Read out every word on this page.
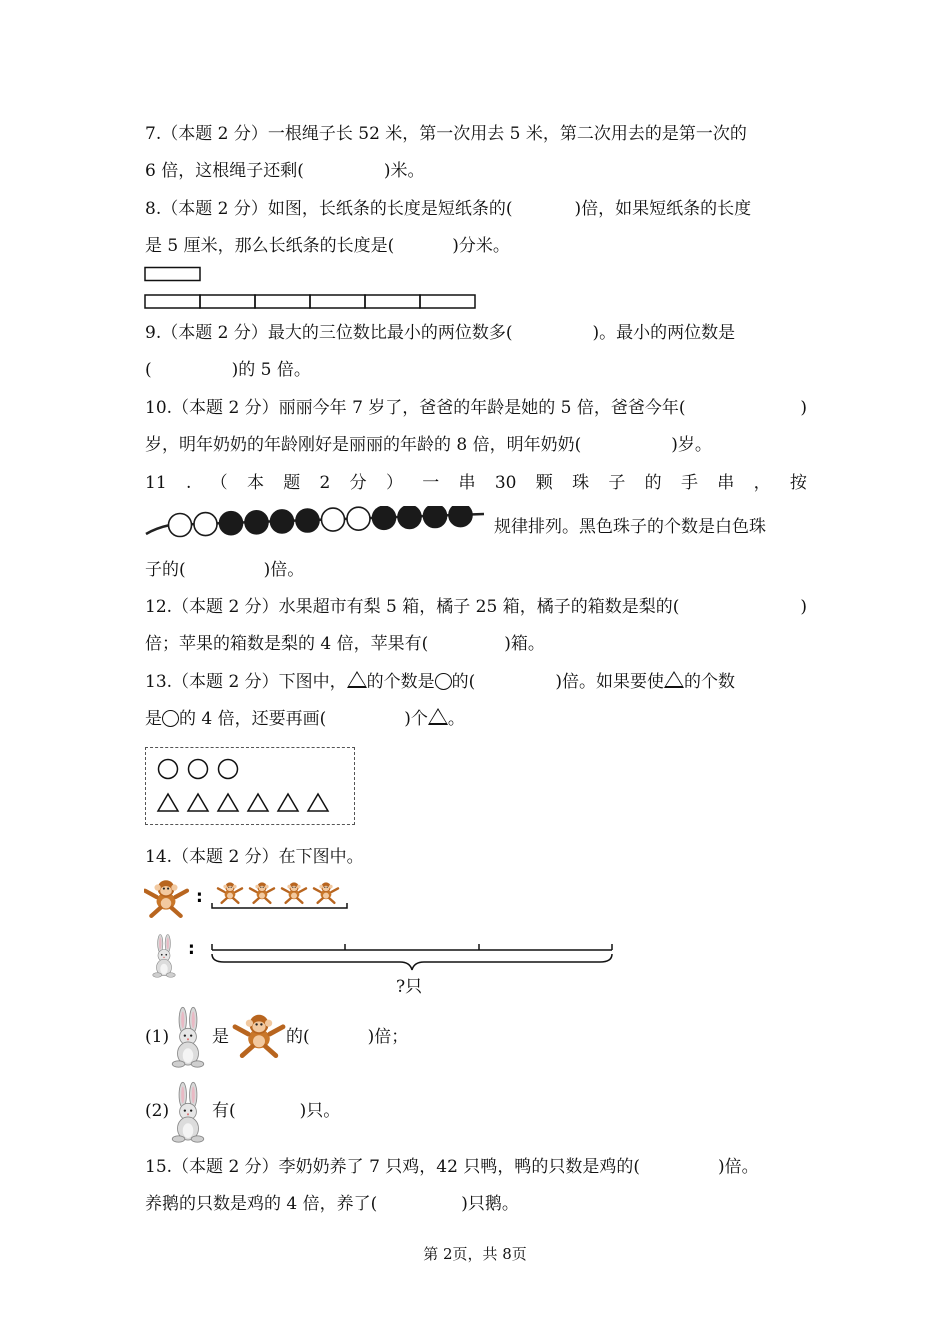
7.（本题 2 分）一根绳子长 52 米，第一次用去 5 米，第二次用去的是第一次的
6 倍，这根绳子还剩(	)米。
8.（本题 2 分）如图，长纸条的长度是短纸条的(	)倍，如果短纸条的长度
是 5 厘米，那么长纸条的长度是(	)分米。
9.（本题 2 分）最大的三位数比最小的两位数多(	)。最小的两位数是
(	)的 5 倍。
10.（本题 2 分）丽丽今年 7 岁了，爸爸的年龄是她的 5 倍，爸爸今年(	)
岁，明年奶奶的年龄刚好是丽丽的年龄的 8 倍，明年奶奶(	)岁。
11 . （ 本 题 2 分 ） 一 串 30 颗 珠 子 的 手 串 ， 按
规律排列。黑色珠子的个数是白色珠
子的(	)倍。
12.（本题 2 分）水果超市有梨 5 箱，橘子 25 箱，橘子的箱数是梨的(	)
倍；苹果的箱数是梨的 4 倍，苹果有(	)箱。
13.（本题 2 分）下图中， 的个数是 的(	)倍。如果要使 的个数
是 的 4 倍，还要再画(	)个 。
14.（本题 2 分）在下图中。
:
:
?只
(1)	是	的(	)倍；
(2)	有(	)只。
15.（本题 2 分）李奶奶养了 7 只鸡，42 只鸭，鸭的只数是鸡的(	)倍。
养鹅的只数是鸡的 4 倍，养了(	)只鹅。
第 2页，共 8页
